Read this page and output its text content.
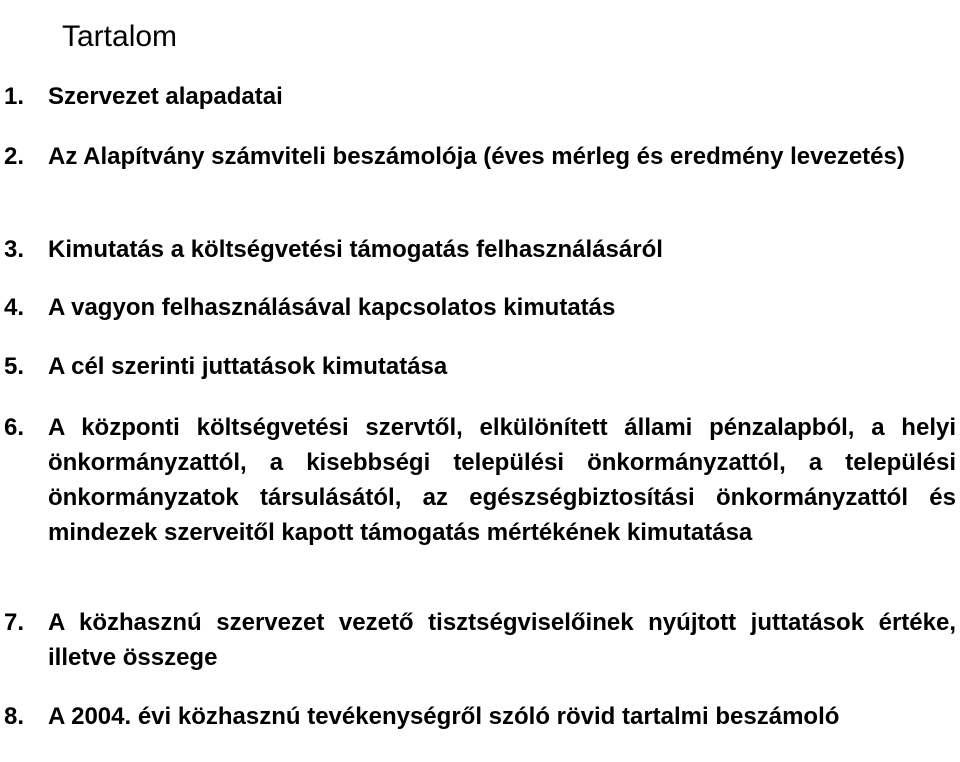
Tartalom
1. Szervezet alapadatai
2. Az Alapítvány számviteli beszámolója (éves mérleg és eredmény levezetés)
3. Kimutatás a költségvetési támogatás felhasználásáról
4. A vagyon felhasználásával kapcsolatos kimutatás
5. A cél szerinti juttatások kimutatása
6. A központi költségvetési szervtől, elkülönített állami pénzalapból, a helyi önkormányzattól, a kisebbségi települési önkormányzattól, a települési önkormányzatok társulásától, az egészségbiztosítási önkormányzattól és mindezek szerveitől kapott támogatás mértékének kimutatása
7. A közhasznú szervezet vezető tisztségviselőinek nyújtott juttatások értéke, illetve összege
8. A 2004. évi közhasznú tevékenységről szóló rövid tartalmi beszámoló
